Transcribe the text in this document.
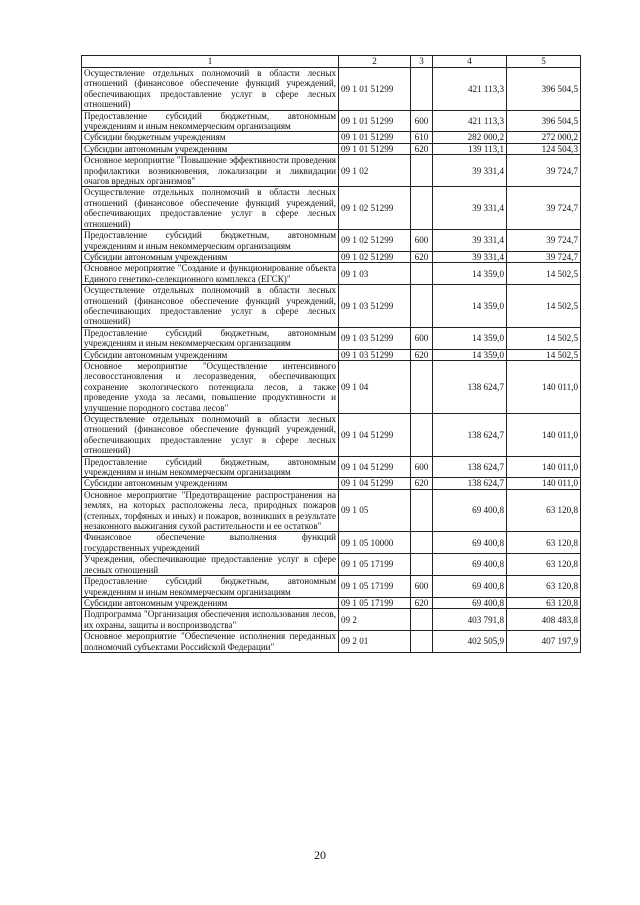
1	2	3	4	5
Осуществление отдельных полномочий в области лесных отношений (финансовое обеспечение функций учреждений, обеспечивающих предоставление услуг в сфере лесных отношений)	09 1 01 51299		421 113,3	396 504,5
Предоставление субсидий бюджетным, автономным учреждениям и иным некоммерческим организациям	09 1 01 51299	600	421 113,3	396 504,5
Субсидии бюджетным учреждениям	09 1 01 51299	610	282 000,2	272 000,2
Субсидии автономным учреждениям	09 1 01 51299	620	139 113,1	124 504,3
Основное мероприятие "Повышение эффективности проведения профилактики возникновения, локализации и ликвидации очагов вредных организмов"	09 1 02		39 331,4	39 724,7
Осуществление отдельных полномочий в области лесных отношений (финансовое обеспечение функций учреждений, обеспечивающих предоставление услуг в сфере лесных отношений)	09 1 02 51299		39 331,4	39 724,7
Предоставление субсидий бюджетным, автономным учреждениям и иным некоммерческим организациям	09 1 02 51299	600	39 331,4	39 724,7
Субсидии автономным учреждениям	09 1 02 51299	620	39 331,4	39 724,7
Основное мероприятие "Создание и функционирование объекта Единого генетико-селекционного комплекса (ЕГСК)"	09 1 03		14 359,0	14 502,5
Осуществление отдельных полномочий в области лесных отношений (финансовое обеспечение функций учреждений, обеспечивающих предоставление услуг в сфере лесных отношений)	09 1 03 51299		14 359,0	14 502,5
Предоставление субсидий бюджетным, автономным учреждениям и иным некоммерческим организациям	09 1 03 51299	600	14 359,0	14 502,5
Субсидии автономным учреждениям	09 1 03 51299	620	14 359,0	14 502,5
Основное мероприятие "Осуществление интенсивного лесовосстановления и лесоразведения, обеспечивающих сохранение экологического потенциала лесов, а также проведение ухода за лесами, повышение продуктивности и улучшение породного состава лесов"	09 1 04		138 624,7	140 011,0
Осуществление отдельных полномочий в области лесных отношений (финансовое обеспечение функций учреждений, обеспечивающих предоставление услуг в сфере лесных отношений)	09 1 04 51299		138 624,7	140 011,0
Предоставление субсидий бюджетным, автономным учреждениям и иным некоммерческим организациям	09 1 04 51299	600	138 624,7	140 011,0
Субсидии автономным учреждениям	09 1 04 51299	620	138 624,7	140 011,0
Основное мероприятие "Предотвращение распространения на землях, на которых расположены леса, природных пожаров (степных, торфяных и иных) и пожаров, возникших в результате незаконного выжигания сухой растительности и ее остатков"	09 1 05		69 400,8	63 120,8
Финансовое обеспечение выполнения функций государственных учреждений	09 1 05 10000		69 400,8	63 120,8
Учреждения, обеспечивающие предоставление услуг в сфере лесных отношений	09 1 05 17199		69 400,8	63 120,8
Предоставление субсидий бюджетным, автономным учреждениям и иным некоммерческим организациям	09 1 05 17199	600	69 400,8	63 120,8
Субсидии автономным учреждениям	09 1 05 17199	620	69 400,8	63 120,8
Подпрограмма "Организация обеспечения использования лесов, их охраны, защиты и воспроизводства"	09 2		403 791,8	408 483,8
Основное мероприятие "Обеспечение исполнения переданных полномочий субъектами Российской Федерации"	09 2 01		402 505,9	407 197,9
20
